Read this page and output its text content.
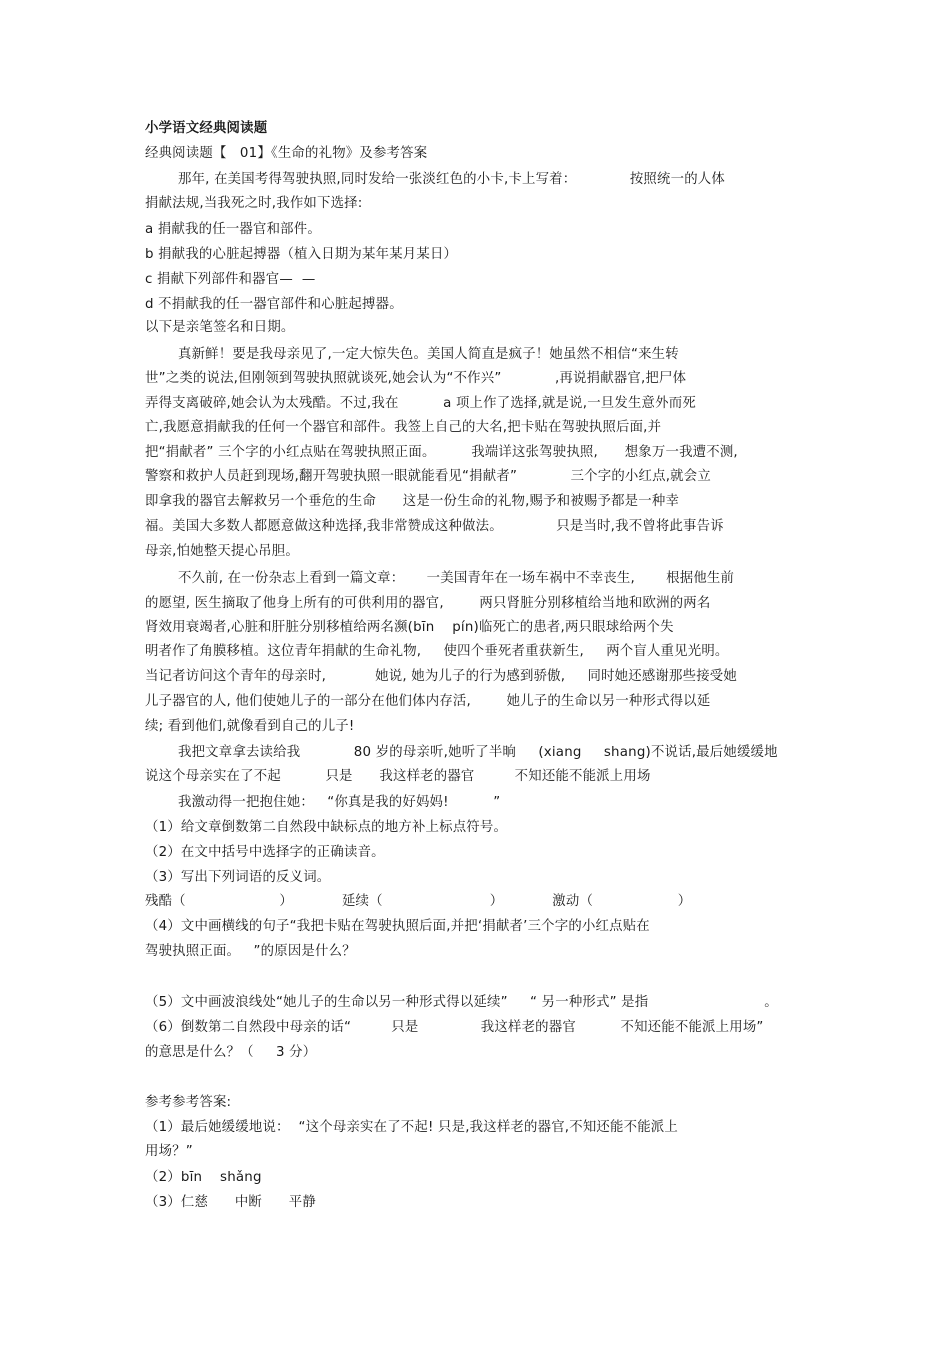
小学语文经典阅读题
经典阅读题【   01】《生命的礼物》及参考答案
那年, 在美国考得驾驶执照,同时发给一张淡红色的小卡,卡上写着：            按照统一的人体
捐献法规,当我死之时,我作如下选择:
a 捐献我的任一器官和部件。
b 捐献我的心脏起搏器（植入日期为某年某月某日）
c 捐献下列部件和器官—  —
d 不捐献我的任一器官部件和心脏起搏器。
以下是亲笔签名和日期。
真新鲜！要是我母亲见了,一定大惊失色。美国人简直是疯子！她虽然不相信“来生转
世”之类的说法,但刚领到驾驶执照就谈死,她会认为“不作兴”            ,再说捐献器官,把尸体
弄得支离破碎,她会认为太残酷。不过,我在          a 项上作了选择,就是说,一旦发生意外而死
亡,我愿意捐献我的任何一个器官和部件。我签上自己的大名,把卡贴在驾驶执照后面,并
把“捐献者” 三个字的小红点贴在驾驶执照正面。        我端详这张驾驶执照,      想象万一我遭不测,
警察和救护人员赶到现场,翻开驾驶执照一眼就能看见“捐献者”            三个字的小红点,就会立
即拿我的器官去解救另一个垂危的生命      这是一份生命的礼物,赐予和被赐予都是一种幸
福。美国大多数人都愿意做这种选择,我非常赞成这种做法。            只是当时,我不曾将此事告诉
母亲,怕她整天提心吊胆。
不久前, 在一份杂志上看到一篇文章：     一美国青年在一场车祸中不幸丧生,       根据他生前
的愿望, 医生摘取了他身上所有的可供利用的器官,        两只肾脏分别移植给当地和欧洲的两名
肾效用衰竭者,心脏和肝脏分别移植给两名濒(bīn    pín)临死亡的患者,两只眼球给两个失
明者作了角膜移植。这位青年捐献的生命礼物,     使四个垂死者重获新生,     两个盲人重见光明。
当记者访问这个青年的母亲时,           她说, 她为儿子的行为感到骄傲,     同时她还感谢那些接受她
儿子器官的人, 他们使她儿子的一部分在他们体内存活,        她儿子的生命以另一种形式得以延
续; 看到他们,就像看到自己的儿子!
我把文章拿去读给我            80 岁的母亲听,她听了半晌     (xiang     shang)不说话,最后她缓缓地
说这个母亲实在了不起          只是      我这样老的器官         不知还能不能派上用场
我激动得一把抱住她：   “你真是我的好妈妈!          ”
（1）给文章倒数第二自然段中缺标点的地方补上标点符号。
（2）在文中括号中选择字的正确读音。
（3）写出下列词语的反义词。
残酷（                     ）           延续（                        ）           激动（                   ）
（4）文中画横线的句子“我把卡贴在驾驶执照后面,并把‘捐献者’三个字的小红点贴在
驾驶执照正面。   ”的原因是什么？
（5）文中画波浪线处“她儿子的生命以另一种形式得以延续”     “ 另一种形式” 是指                          。
（6）倒数第二自然段中母亲的话“         只是              我这样老的器官          不知还能不能派上用场”
的意思是什么？（     3 分）
参考参考答案:
（1）最后她缓缓地说：  “这个母亲实在了不起! 只是,我这样老的器官,不知还能不能派上
用场？”
（2）bīn    shǎng
（3）仁慈      中断      平静
